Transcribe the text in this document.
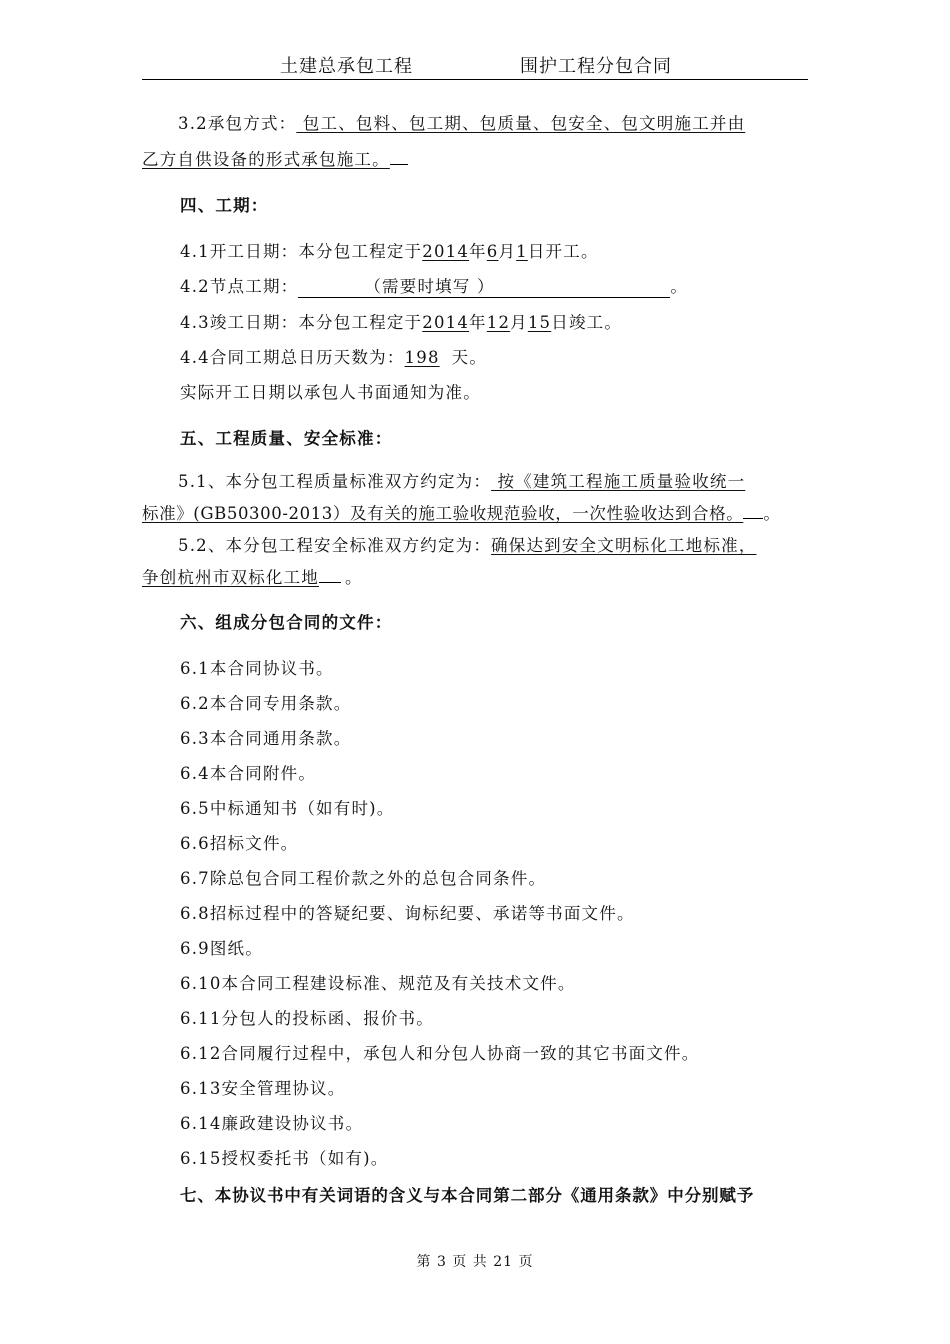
土建总承包工程	围护工程分包合同
3.2承包方式： 包工、包料、包工期、包质量、包安全、包文明施工并由
乙方自供设备的形式承包施工。
四、工期：
4.1开工日期：本分包工程定于2014年6月1日开工。
4.2节点工期：	（需要时填写 ）	。
4.3竣工日期：本分包工程定于2014年12月15日竣工。
4.4合同工期总日历天数为：198 天。
实际开工日期以承包人书面通知为准。
五、工程质量、安全标准：
5.1、本分包工程质量标准双方约定为： 按《建筑工程施工质量验收统一
标准》(GB50300-2013）及有关的施工验收规范验收，一次性验收达到合格。 。
5.2、本分包工程安全标准双方约定为：确保达到安全文明标化工地标准，
争创杭州市双标化工地 。
六、组成分包合同的文件：
6.1本合同协议书。
6.2本合同专用条款。
6.3本合同通用条款。
6.4本合同附件。
6.5中标通知书（如有时)。
6.6招标文件。
6.7除总包合同工程价款之外的总包合同条件。
6.8招标过程中的答疑纪要、询标纪要、承诺等书面文件。
6.9图纸。
6.10本合同工程建设标准、规范及有关技术文件。
6.11分包人的投标函、报价书。
6.12合同履行过程中，承包人和分包人协商一致的其它书面文件。
6.13安全管理协议。
6.14廉政建设协议书。
6.15授权委托书（如有)。
七、本协议书中有关词语的含义与本合同第二部分《通用条款》中分别赋予
第 3 页 共 21 页
